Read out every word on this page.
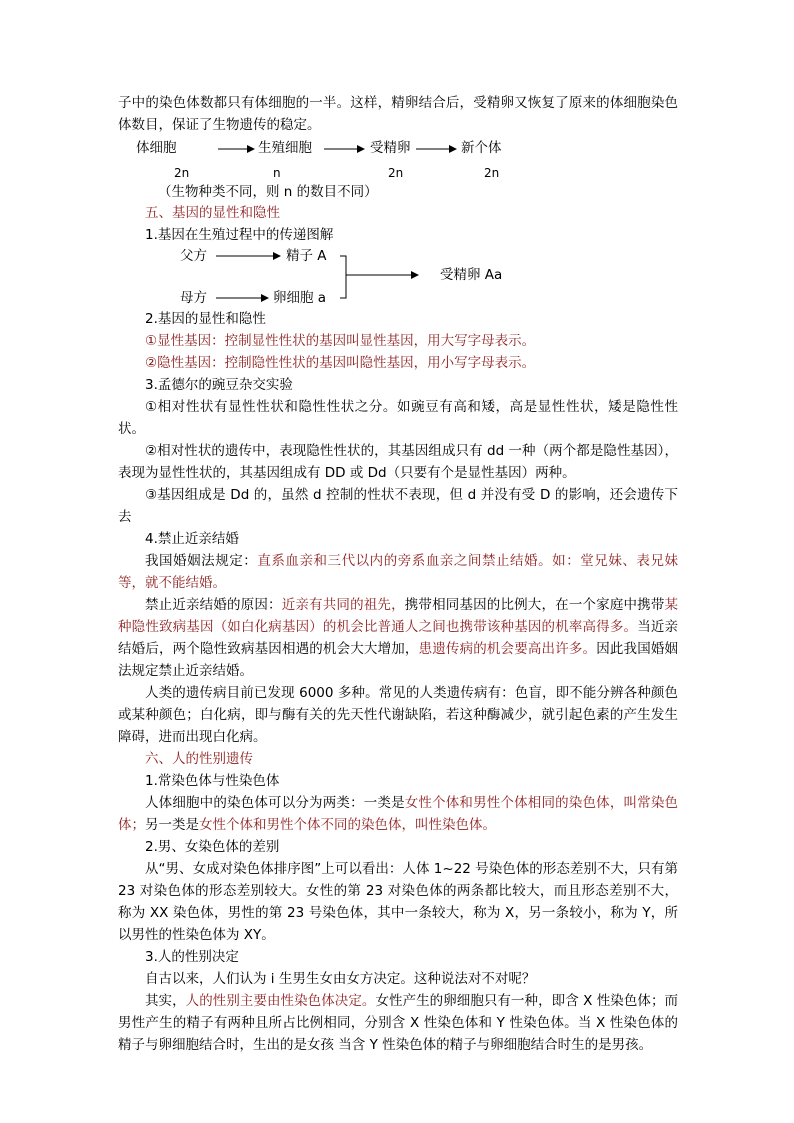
子中的染色体数都只有体细胞的一半。这样，精卵结合后，受精卵又恢复了原来的体细胞染色体数目，保证了生物遗传的稳定。

体细胞	生殖细胞	受精卵	新个体
2n	n	2n	2n
（生物种类不同，则 n 的数目不同）
五、基因的显性和隐性
1.基因在生殖过程中的传递图解
父方	精子 A
母方	卵细胞 a
受精卵 Aa
2.基因的显性和隐性
①显性基因：控制显性性状的基因叫显性基因，用大写字母表示。
②隐性基因：控制隐性性状的基因叫隐性基因，用小写字母表示。
3.孟德尔的豌豆杂交实验

①相对性状有显性性状和隐性性状之分。如豌豆有高和矮，高是显性性状，矮是隐性性状。

②相对性状的遗传中，表现隐性性状的，其基因组成只有 dd 一种（两个都是隐性基因），表现为显性性状的，其基因组成有 DD 或 Dd（只要有个是显性基因）两种。

③基因组成是 Dd 的，虽然 d 控制的性状不表现，但 d 并没有受 D 的影响，还会遗传下去

4.禁止近亲结婚

我国婚姻法规定：直系血亲和三代以内的旁系血亲之间禁止结婚。如：堂兄妹、表兄妹等，就不能结婚。

禁止近亲结婚的原因：近亲有共同的祖先，携带相同基因的比例大，在一个家庭中携带某种隐性致病基因（如白化病基因）的机会比普通人之间也携带该种基因的机率高得多。当近亲结婚后，两个隐性致病基因相遇的机会大大增加，患遗传病的机会要高出许多。因此我国婚姻法规定禁止近亲结婚。

人类的遗传病目前已发现 6000 多种。常见的人类遗传病有：色盲，即不能分辨各种颜色或某种颜色；白化病，即与酶有关的先天性代谢缺陷，若这种酶减少，就引起色素的产生发生障碍，进而出现白化病。

六、人的性别遗传
1.常染色体与性染色体

人体细胞中的染色体可以分为两类：一类是女性个体和男性个体相同的染色体，叫常染色体；另一类是女性个体和男性个体不同的染色体，叫性染色体。

2.男、女染色体的差别

从“男、女成对染色体排序图”上可以看出：人体 1~22 号染色体的形态差别不大，只有第 23 对染色体的形态差别较大。女性的第 23 对染色体的两条都比较大，而且形态差别不大，称为 XX 染色体，男性的第 23 号染色体，其中一条较大，称为 X，另一条较小，称为 Y，所以男性的性染色体为 XY。

3.人的性别决定

自古以来，人们认为 i 生男生女由女方决定。这种说法对不对呢？

其实，人的性别主要由性染色体决定。女性产生的卵细胞只有一种，即含 X 性染色体；而男性产生的精子有两种且所占比例相同，分别含 X 性染色体和 Y 性染色体。当 X 性染色体的精子与卵细胞结合时，生出的是女孩 当含 Y 性染色体的精子与卵细胞结合时生的是男孩。
